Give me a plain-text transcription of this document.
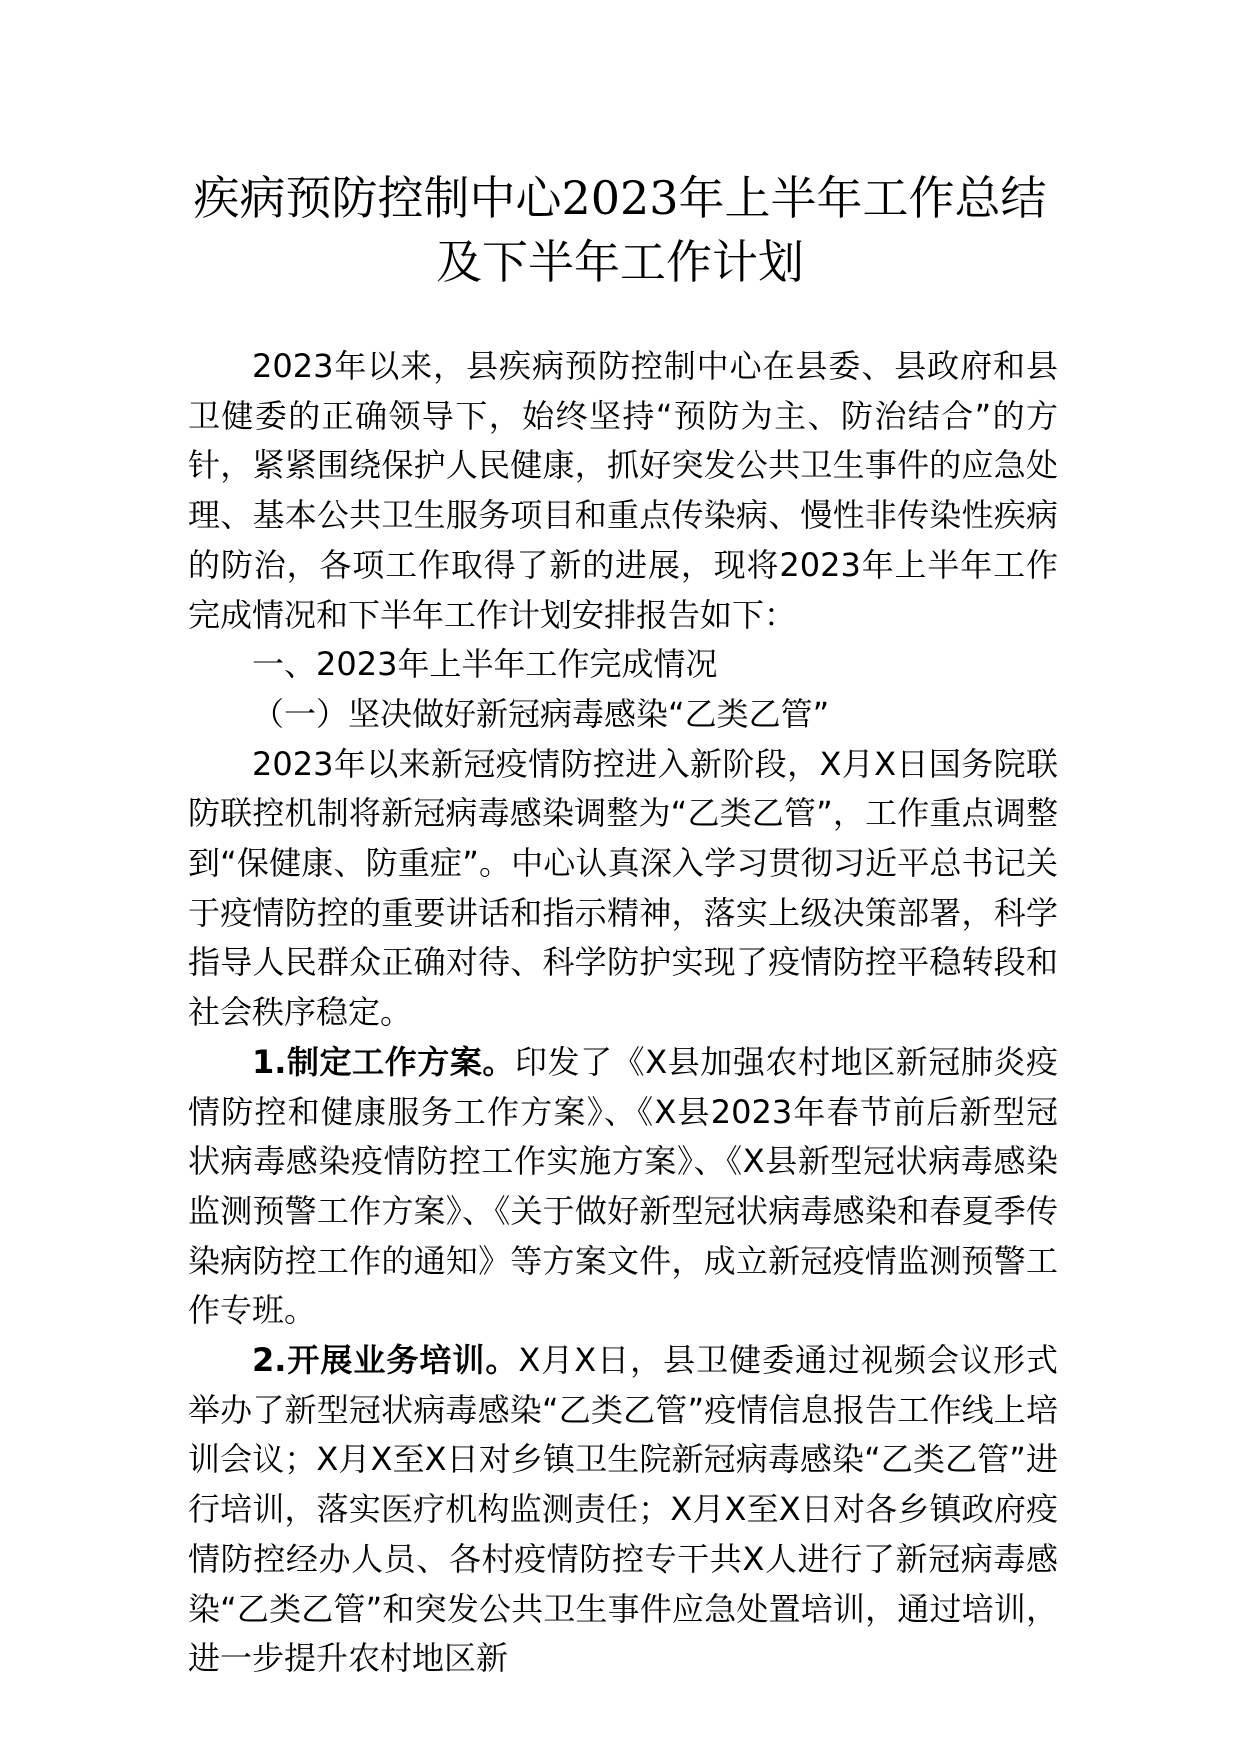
疾病预防控制中心2023年上半年工作总结
及下半年工作计划

2023年以来，县疾病预防控制中心在县委、县政府和县卫健委的正确领导下，始终坚持“预防为主、防治结合”的方针，紧紧围绕保护人民健康，抓好突发公共卫生事件的应急处理、基本公共卫生服务项目和重点传染病、慢性非传染性疾病的防治，各项工作取得了新的进展，现将2023年上半年工作完成情况和下半年工作计划安排报告如下：

一、2023年上半年工作完成情况

（一）坚决做好新冠病毒感染“乙类乙管”

2023年以来新冠疫情防控进入新阶段，X月X日国务院联防联控机制将新冠病毒感染调整为“乙类乙管”，工作重点调整到“保健康、防重症”。中心认真深入学习贯彻习近平总书记关于疫情防控的重要讲话和指示精神，落实上级决策部署，科学指导人民群众正确对待、科学防护实现了疫情防控平稳转段和社会秩序稳定。

1.制定工作方案。印发了《X县加强农村地区新冠肺炎疫情防控和健康服务工作方案》、《X县2023年春节前后新型冠状病毒感染疫情防控工作实施方案》、《X县新型冠状病毒感染监测预警工作方案》、《关于做好新型冠状病毒感染和春夏季传染病防控工作的通知》等方案文件，成立新冠疫情监测预警工作专班。

2.开展业务培训。X月X日，县卫健委通过视频会议形式举办了新型冠状病毒感染“乙类乙管”疫情信息报告工作线上培训会议；X月X至X日对乡镇卫生院新冠病毒感染“乙类乙管”进行培训，落实医疗机构监测责任；X月X至X日对各乡镇政府疫情防控经办人员、各村疫情防控专干共X人进行了新冠病毒感染“乙类乙管”和突发公共卫生事件应急处置培训，通过培训，进一步提升农村地区新
